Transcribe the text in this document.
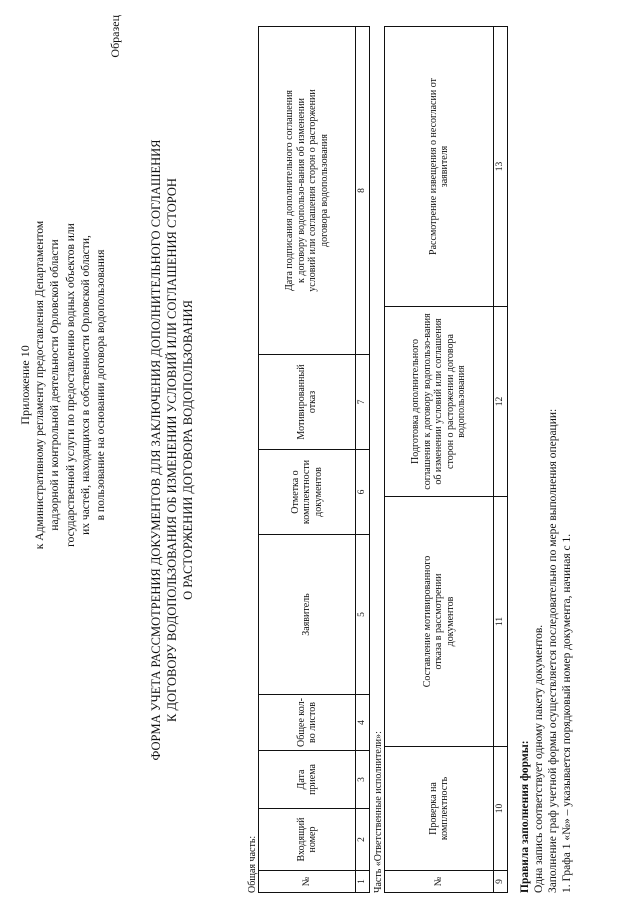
Приложение 10 к Административному регламенту предоставления Департаментом надзорной и контрольной деятельности Орловской области государственной услуги по предоставлению водных объектов или их частей, находящихся в собственности Орловской области, в пользование на основании договора водопользования
Образец
ФОРМА УЧЕТА РАССМОТРЕНИЯ ДОКУМЕНТОВ ДЛЯ ЗАКЛЮЧЕНИЯ ДОПОЛНИТЕЛЬНОГО СОГЛАШЕНИЯ К ДОГОВОРУ ВОДОПОЛЬЗОВАНИЯ ОБ ИЗМЕНЕНИИ УСЛОВИЙ ИЛИ СОГЛАШЕНИЯ СТОРОН О РАСТОРЖЕНИИ ДОГОВОРА ВОДОПОЛЬЗОВАНИЯ
Общая часть:	№	Входящий номер	Дата приема	Общее кол-во листов	Заявитель	Отметка о комплектности документов	Мотивированный отказ	Дата подписания дополнительного соглашения к договору водопользо-вания об изменении условий или соглашения сторон о расторжении договора водопользования
1	2	3	4	5	6	7	8
Часть «Ответственные исполнители»:	№	Проверка на комплектность	Составление мотивированного отказа в рассмотрении документов	Подготовка дополнительного соглашения к договору водопользо-вания об изменении условий или соглашения сторон о расторжении договора водопользования	Рассмотрение извещения о несогласии от заявителя
9	10	11	12	13
Правила заполнения формы: Одна запись соответствует одному пакету документов. Заполнение граф учетной формы осуществляется последовательно по мере выполнения операции: 1. Графа 1 «№» – указывается порядковый номер документа, начиная с 1.
